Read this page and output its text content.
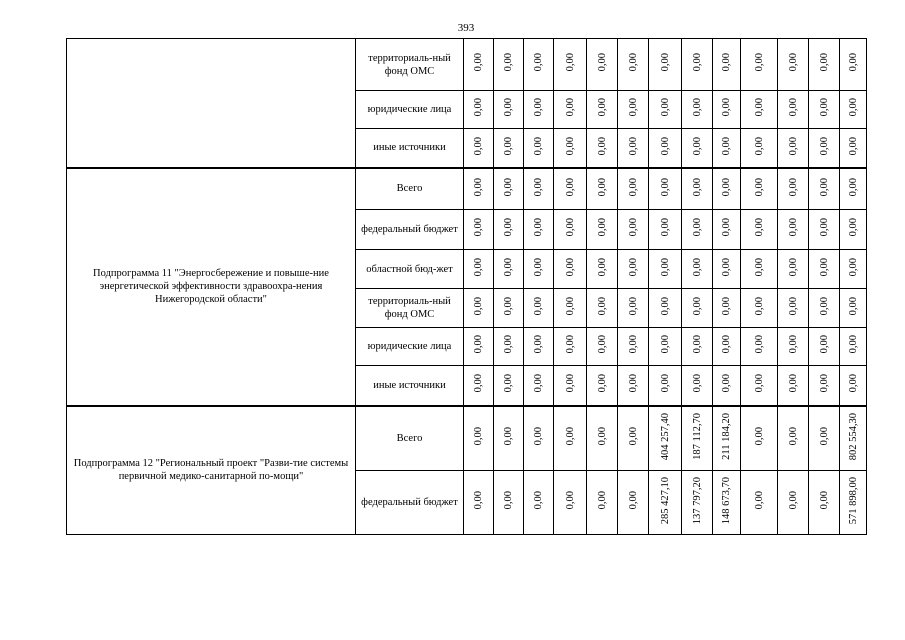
393
	территориаль-ный фонд ОМС	0,00	0,00	0,00	0,00	0,00	0,00	0,00	0,00	0,00	0,00	0,00	0,00	0,00
	юридические лица	0,00	0,00	0,00	0,00	0,00	0,00	0,00	0,00	0,00	0,00	0,00	0,00	0,00
	иные источники	0,00	0,00	0,00	0,00	0,00	0,00	0,00	0,00	0,00	0,00	0,00	0,00	0,00
Подпрограмма 11 "Энергосбережение и повыше-ние энергетической эффективности здравоохра-нения Нижегородской области"	Всего	0,00	0,00	0,00	0,00	0,00	0,00	0,00	0,00	0,00	0,00	0,00	0,00	0,00
	федеральный бюджет	0,00	0,00	0,00	0,00	0,00	0,00	0,00	0,00	0,00	0,00	0,00	0,00	0,00
	областной бюд-жет	0,00	0,00	0,00	0,00	0,00	0,00	0,00	0,00	0,00	0,00	0,00	0,00	0,00
	территориаль-ный фонд ОМС	0,00	0,00	0,00	0,00	0,00	0,00	0,00	0,00	0,00	0,00	0,00	0,00	0,00
	юридические лица	0,00	0,00	0,00	0,00	0,00	0,00	0,00	0,00	0,00	0,00	0,00	0,00	0,00
	иные источники	0,00	0,00	0,00	0,00	0,00	0,00	0,00	0,00	0,00	0,00	0,00	0,00	0,00
Подпрограмма 12 "Региональный проект "Разви-тие системы первичной медико-санитарной по-мощи"	Всего	0,00	0,00	0,00	0,00	0,00	0,00	404 257,40	187 112,70	211 184,20	0,00	0,00	0,00	802 554,30
	федеральный бюджет	0,00	0,00	0,00	0,00	0,00	0,00	285 427,10	137 797,20	148 673,70	0,00	0,00	0,00	571 898,00
